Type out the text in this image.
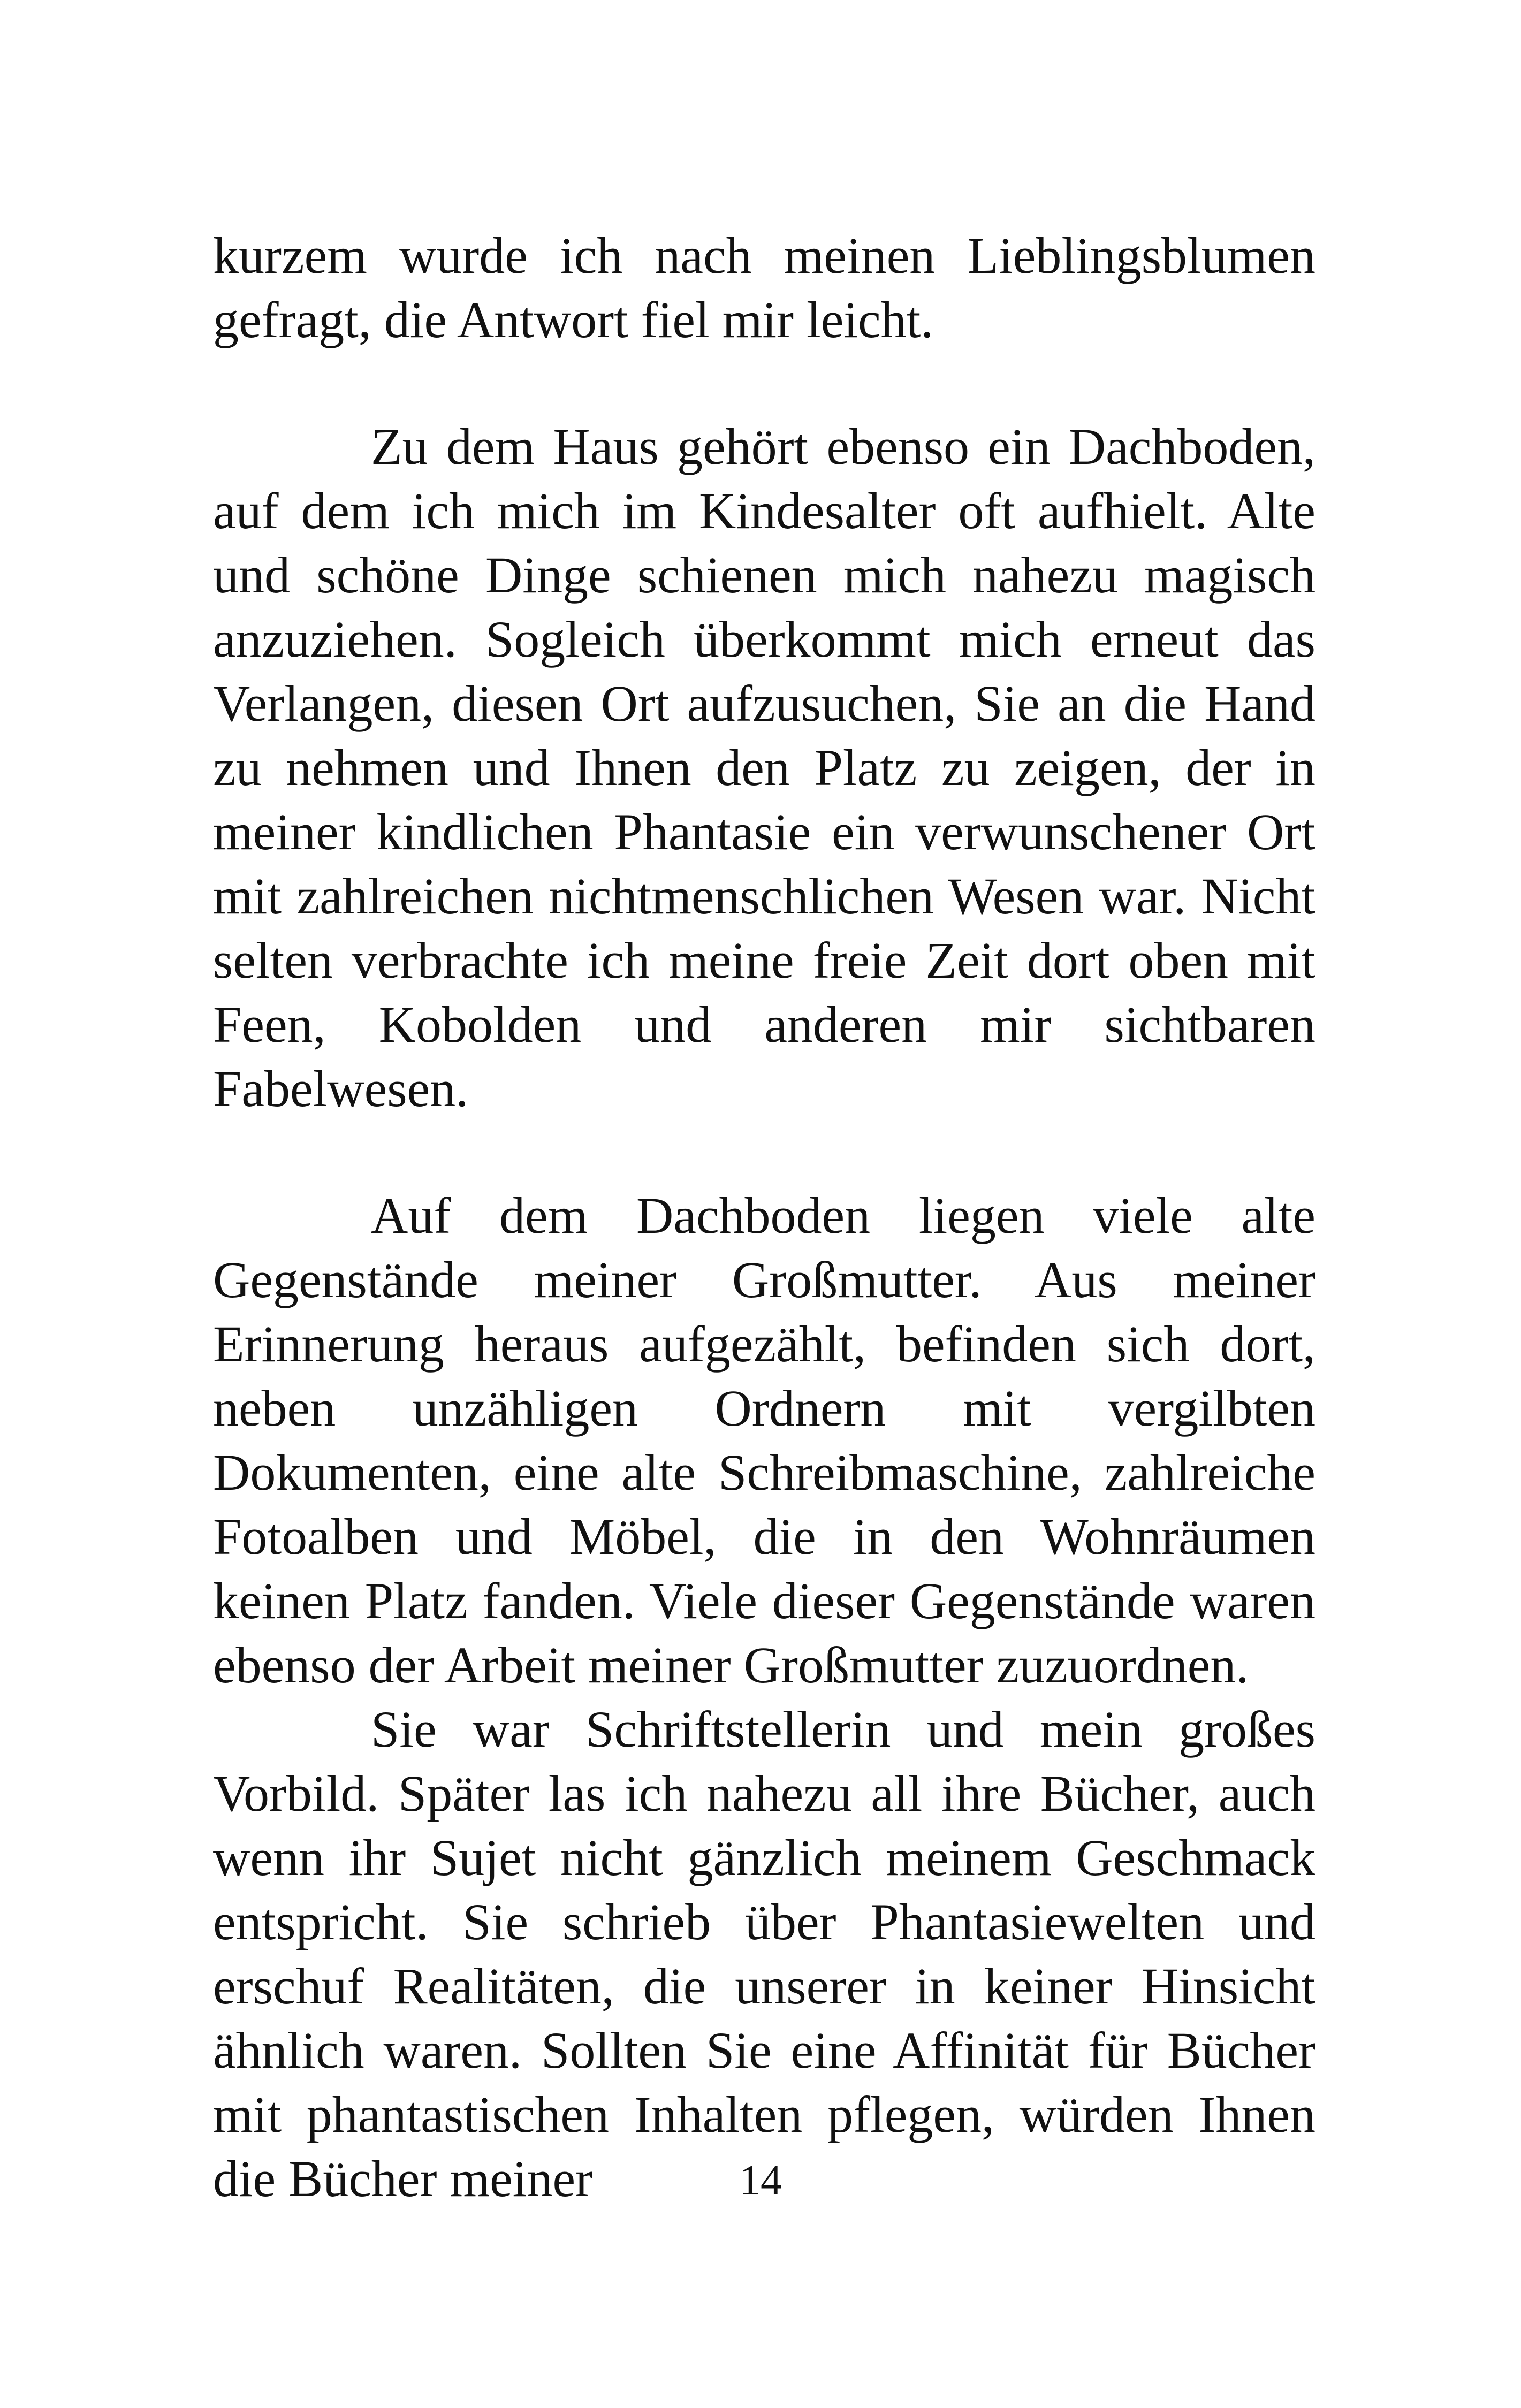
kurzem wurde ich nach meinen Lieblingsblumen gefragt, die Antwort fiel mir leicht.

Zu dem Haus gehört ebenso ein Dachboden, auf dem ich mich im Kindesalter oft aufhielt. Alte und schöne Dinge schienen mich nahezu magisch anzuziehen. Sogleich überkommt mich erneut das Verlangen, diesen Ort aufzusuchen, Sie an die Hand zu nehmen und Ihnen den Platz zu zeigen, der in meiner kindlichen Phantasie ein verwunschener Ort mit zahlreichen nichtmenschlichen Wesen war. Nicht selten verbrachte ich meine freie Zeit dort oben mit Feen, Kobolden und anderen mir sichtbaren Fabelwesen.

Auf dem Dachboden liegen viele alte Gegenstände meiner Großmutter. Aus meiner Erinnerung heraus aufgezählt, befinden sich dort, neben unzähligen Ordnern mit vergilbten Dokumenten, eine alte Schreibmaschine, zahlreiche Fotoalben und Möbel, die in den Wohnräumen keinen Platz fanden. Viele dieser Gegenstände waren ebenso der Arbeit meiner Großmutter zuzuordnen.

Sie war Schriftstellerin und mein großes Vorbild. Später las ich nahezu all ihre Bücher, auch wenn ihr Sujet nicht gänzlich meinem Geschmack entspricht. Sie schrieb über Phantasiewelten und erschuf Realitäten, die unserer in keiner Hinsicht ähnlich waren. Sollten Sie eine Affinität für Bücher mit phantastischen Inhalten pflegen, würden Ihnen die Bücher meiner	14
